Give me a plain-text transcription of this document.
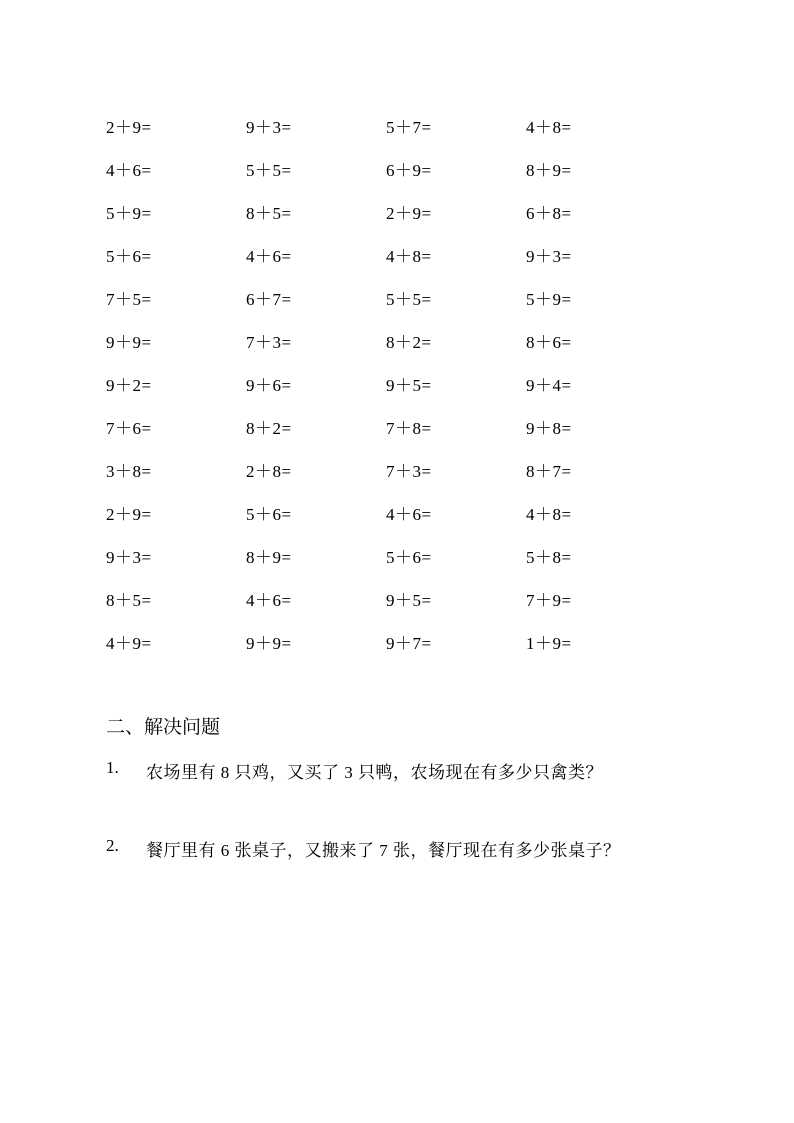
2＋9=	9＋3=	5＋7=	4＋8=
4＋6=	5＋5=	6＋9=	8＋9=
5＋9=	8＋5=	2＋9=	6＋8=
5＋6=	4＋6=	4＋8=	9＋3=
7＋5=	6＋7=	5＋5=	5＋9=
9＋9=	7＋3=	8＋2=	8＋6=
9＋2=	9＋6=	9＋5=	9＋4=
7＋6=	8＋2=	7＋8=	9＋8=
3＋8=	2＋8=	7＋3=	8＋7=
2＋9=	5＋6=	4＋6=	4＋8=
9＋3=	8＋9=	5＋6=	5＋8=
8＋5=	4＋6=	9＋5=	7＋9=
4＋9=	9＋9=	9＋7=	1＋9=
二、解决问题
1.	农场里有 8 只鸡，又买了 3 只鸭，农场现在有多少只禽类？
2.	餐厅里有 6 张桌子，又搬来了 7 张，餐厅现在有多少张桌子？
